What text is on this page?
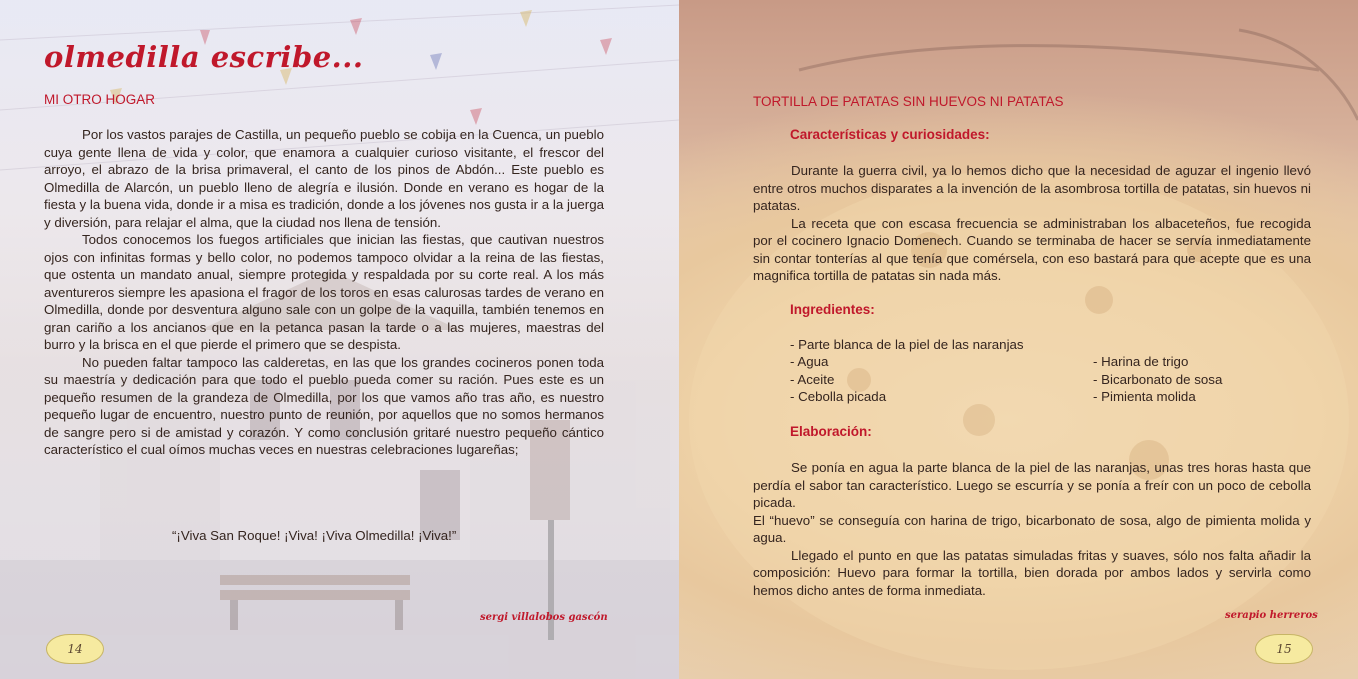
olmedilla escribe...
MI OTRO HOGAR

Por los vastos parajes de Castilla, un pequeño pueblo se cobija en la Cuenca, un pueblo cuya gente llena de vida y color, que enamora a cualquier curioso visitante, el frescor del arroyo, el abrazo de la brisa primaveral, el canto de los pinos de Abdón... Este pueblo es Olmedilla de Alarcón, un pueblo lleno de alegría e ilusión. Donde en verano es hogar de la fiesta y la buena vida, donde ir a misa es tradición, donde a los jóvenes nos gusta ir a la juerga y diversión, para relajar el alma, que la ciudad nos llena de tensión.

Todos conocemos los fuegos artificiales que inician las fiestas, que cautivan nuestros ojos con infinitas formas y bello color, no podemos tampoco olvidar a la reina de las fiestas, que ostenta un mandato anual, siempre protegida y respaldada por su corte real. A los más aventureros siempre les apasiona el fragor de los toros en esas calurosas tardes de verano en Olmedilla, donde por desventura alguno sale con un golpe de la vaquilla, también tenemos en gran cariño a los ancianos que en la petanca pasan la tarde o a las mujeres, maestras del burro y la brisca en el que pierde el primero que se despista.

No pueden faltar tampoco las calderetas, en las que los grandes cocineros ponen toda su maestría y dedicación para que todo el pueblo pueda comer su ración. Pues este es un pequeño resumen de la grandeza de Olmedilla, por los que vamos año tras año, es nuestro pequeño lugar de encuentro, nuestro punto de reunión, por aquellos que no somos hermanos de sangre pero si de amistad y corazón. Y como conclusión gritaré nuestro pequeño cántico característico el cual oímos muchas veces en nuestras celebraciones lugareñas;

“¡Viva San Roque! ¡Viva! ¡Viva Olmedilla! ¡Viva!”

sergi villalobos gascón

14
TORTILLA DE PATATAS SIN HUEVOS NI PATATAS
Características y curiosidades:

Durante la guerra civil, ya lo hemos dicho que la necesidad de aguzar el ingenio llevó entre otros muchos disparates a la invención de la asombrosa tortilla de patatas, sin huevos ni patatas.

La receta que con escasa frecuencia se administraban los albaceteños, fue recogida por el cocinero Ignacio Domenech. Cuando se terminaba de hacer se servía inmediatamente sin contar tonterías al que tenía que comérsela, con eso bastará para que acepte que es una magnifica tortilla de patatas sin nada más.

Ingredientes:

- Parte blanca de la piel de las naranjas

- Agua
- Aceite
- Cebolla picada
- Harina de trigo
- Bicarbonato de sosa
- Pimienta molida
Elaboración:

Se ponía en agua la parte blanca de la piel de las naranjas, unas tres horas hasta que perdía el sabor tan característico. Luego se escurría y se ponía a freír con un poco de cebolla picada.

El “huevo” se conseguía con harina de trigo, bicarbonato de sosa, algo de pimienta molida y agua.

Llegado el punto en que las patatas simuladas fritas y suaves, sólo nos falta añadir la composición: Huevo para formar la tortilla, bien dorada por ambos lados y servirla como hemos dicho antes de forma inmediata.

serapio herreros

15
